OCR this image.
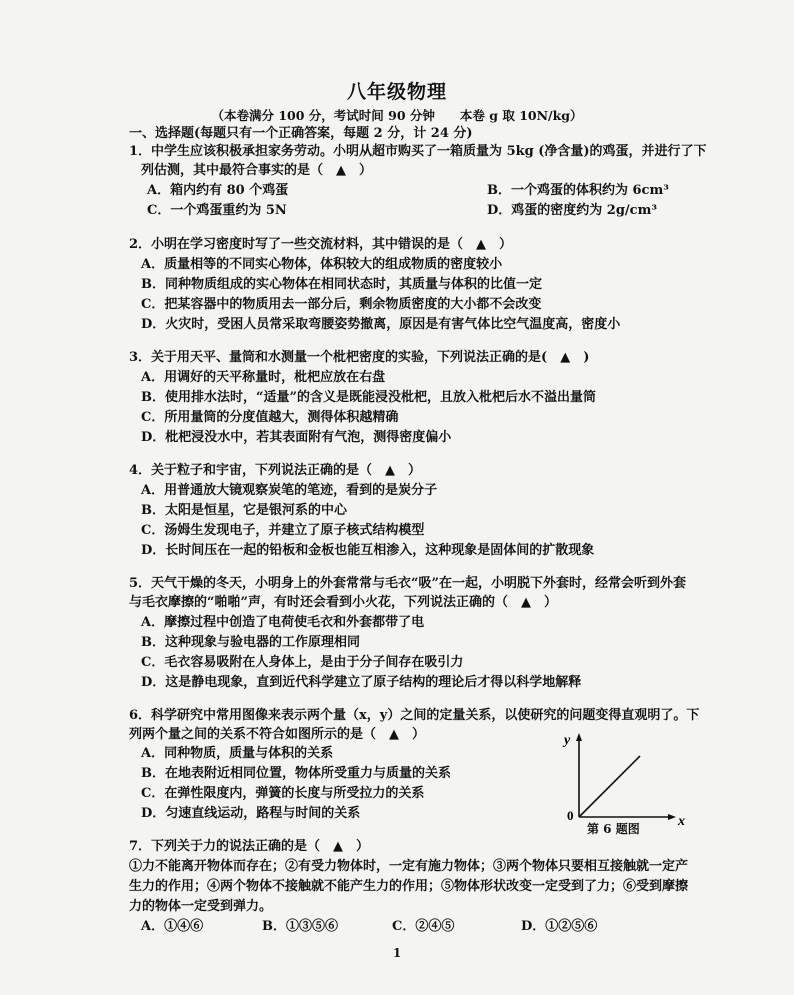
八年级物理
（本卷满分 100 分，考试时间 90 分钟　　本卷 g 取 10N/kg）
一、选择题(每题只有一个正确答案，每题 2 分，计 24 分)
1．中学生应该积极承担家务劳动。小明从超市购买了一箱质量为 5kg (净含量)的鸡蛋，并进行了下
列估测，其中最符合事实的是（　▲　）
A．箱内约有 80 个鸡蛋	B．一个鸡蛋的体积约为 6cm³
C．一个鸡蛋重约为 5N	D．鸡蛋的密度约为 2g/cm³
2．小明在学习密度时写了一些交流材料，其中错误的是（　▲　）
A．质量相等的不同实心物体，体积较大的组成物质的密度较小
B．同种物质组成的实心物体在相同状态时，其质量与体积的比值一定
C．把某容器中的物质用去一部分后，剩余物质密度的大小都不会改变
D．火灾时，受困人员常采取弯腰姿势撤离，原因是有害气体比空气温度高，密度小
3．关于用天平、量筒和水测量一个枇杷密度的实验，下列说法正确的是(　▲　)
A．用调好的天平称量时，枇杷应放在右盘
B．使用排水法时，“适量”的含义是既能浸没枇杷，且放入枇杷后水不溢出量筒
C．所用量筒的分度值越大，测得体积越精确
D．枇杷浸没水中，若其表面附有气泡，测得密度偏小
4．关于粒子和宇宙，下列说法正确的是（　▲　）
A．用普通放大镜观察炭笔的笔迹，看到的是炭分子
B．太阳是恒星，它是银河系的中心
C．汤姆生发现电子，并建立了原子核式结构模型
D．长时间压在一起的铅板和金板也能互相渗入，这种现象是固体间的扩散现象
5．天气干燥的冬天，小明身上的外套常常与毛衣“吸”在一起，小明脱下外套时，经常会听到外套
与毛衣摩擦的“啪啪”声，有时还会看到小火花，下列说法正确的（　▲　）
A．摩擦过程中创造了电荷使毛衣和外套都带了电
B．这种现象与验电器的工作原理相同
C．毛衣容易吸附在人身体上，是由于分子间存在吸引力
D．这是静电现象，直到近代科学建立了原子结构的理论后才得以科学地解释
6．科学研究中常用图像来表示两个量（x，y）之间的定量关系，以使研究的问题变得直观明了。下
列两个量之间的关系不符合如图所示的是（　▲　）
A．同种物质，质量与体积的关系
B．在地表附近相同位置，物体所受重力与质量的关系
C．在弹性限度内，弹簧的长度与所受拉力的关系
D．匀速直线运动，路程与时间的关系
y
x
0
第 6 题图
7．下列关于力的说法正确的是（　▲　）
①力不能离开物体而存在；②有受力物体时，一定有施力物体；③两个物体只要相互接触就一定产
生力的作用；④两个物体不接触就不能产生力的作用；⑤物体形状改变一定受到了力；⑥受到摩擦
力的物体一定受到弹力。
A．①④⑥	B．①③⑤⑥	C．②④⑤	D．①②⑤⑥
1
